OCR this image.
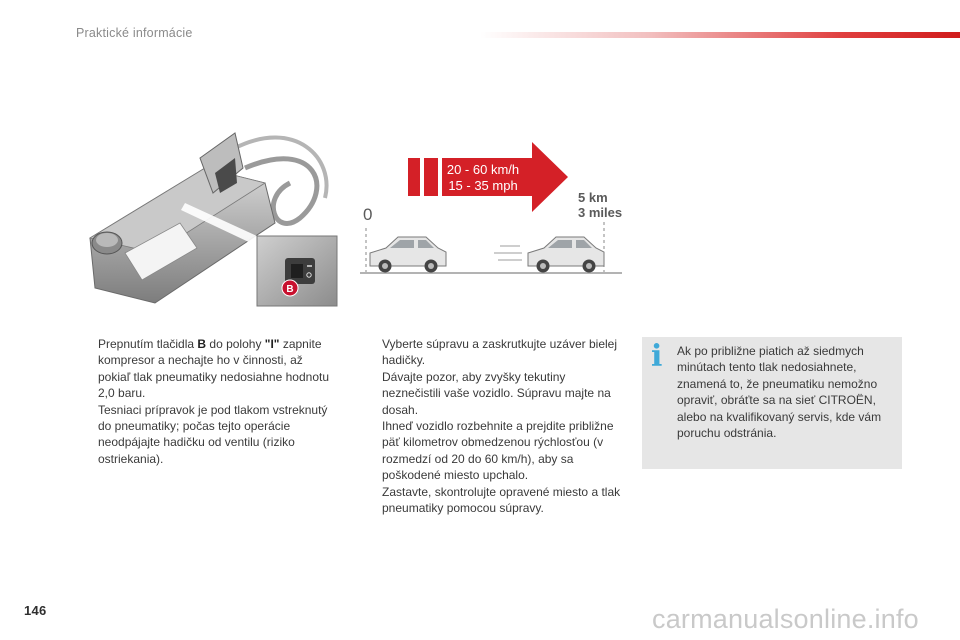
Praktické informácie
B
20 - 60 km/h
15 - 35 mph
0
5 km
3 miles
Prepnutím tlačidla B do polohy "I" zapnite kompresor a nechajte ho v činnosti, až pokiaľ tlak pneumatiky nedosiahne hodnotu 2,0 baru.
Tesniaci prípravok je pod tlakom vstreknutý do pneumatiky; počas tejto operácie neodpájajte hadičku od ventilu (riziko ostriekania).
Vyberte súpravu a zaskrutkujte uzáver bielej hadičky.
Dávajte pozor, aby zvyšky tekutiny neznečistili vaše vozidlo. Súpravu majte na dosah.
Ihneď vozidlo rozbehnite a prejdite približne päť kilometrov obmedzenou rýchlosťou (v rozmedzí od 20 do 60 km/h), aby sa poškodené miesto upchalo.
Zastavte, skontrolujte opravené miesto a tlak pneumatiky pomocou súpravy.
i Ak po približne piatich až siedmych minútach tento tlak nedosiahnete, znamená to, že pneumatiku nemožno opraviť, obráťte sa na sieť CITROËN, alebo na kvalifikovaný servis, kde vám poruchu odstránia.
146	carmanualsonline.info
